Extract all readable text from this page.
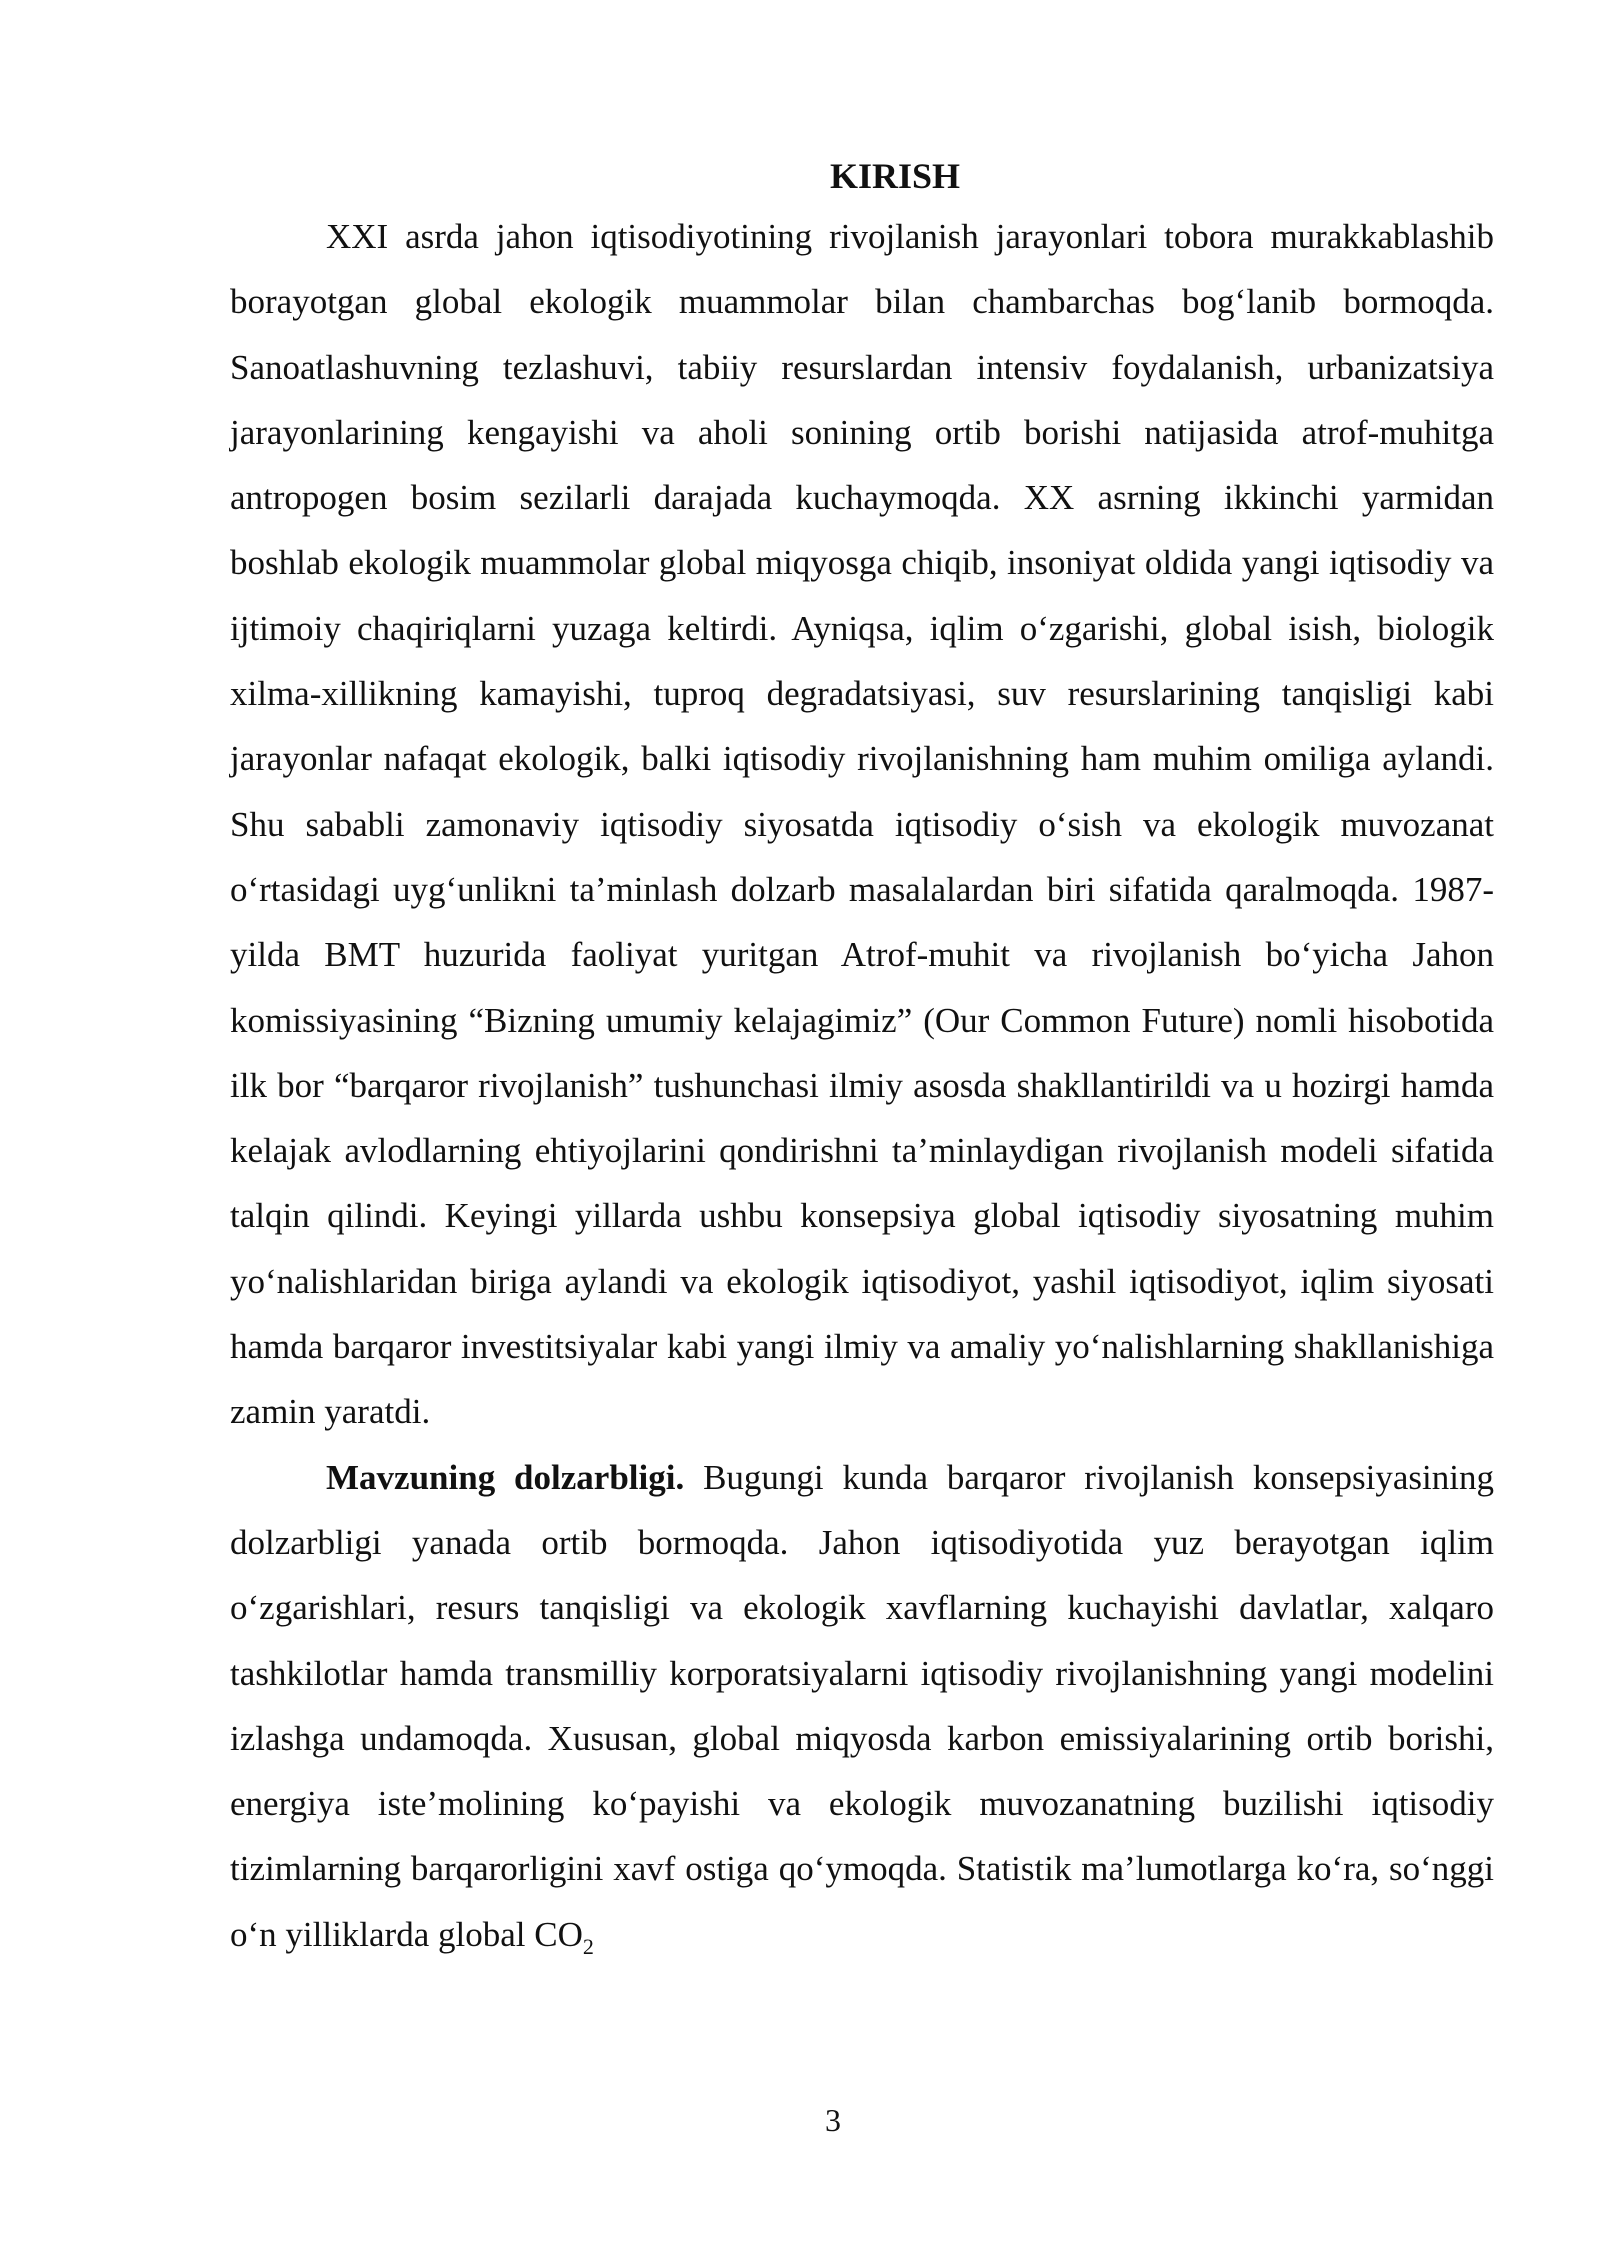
KIRISH

XXI asrda jahon iqtisodiyotining rivojlanish jarayonlari tobora murakkablashib borayotgan global ekologik muammolar bilan chambarchas bog‘lanib bormoqda. Sanoatlashuvning tezlashuvi, tabiiy resurslardan intensiv foydalanish, urbanizatsiya jarayonlarining kengayishi va aholi sonining ortib borishi natijasida atrof-muhitga antropogen bosim sezilarli darajada kuchaymoqda. XX asrning ikkinchi yarmidan boshlab ekologik muammolar global miqyosga chiqib, insoniyat oldida yangi iqtisodiy va ijtimoiy chaqiriqlarni yuzaga keltirdi. Ayniqsa, iqlim o‘zgarishi, global isish, biologik xilma-xillikning kamayishi, tuproq degradatsiyasi, suv resurslarining tanqisligi kabi jarayonlar nafaqat ekologik, balki iqtisodiy rivojlanishning ham muhim omiliga aylandi. Shu sababli zamonaviy iqtisodiy siyosatda iqtisodiy o‘sish va ekologik muvozanat o‘rtasidagi uyg‘unlikni ta’minlash dolzarb masalalardan biri sifatida qaralmoqda. 1987-yilda BMT huzurida faoliyat yuritgan Atrof-muhit va rivojlanish bo‘yicha Jahon komissiyasining “Bizning umumiy kelajagimiz” (Our Common Future) nomli hisobotida ilk bor “barqaror rivojlanish” tushunchasi ilmiy asosda shakllantirildi va u hozirgi hamda kelajak avlodlarning ehtiyojlarini qondirishni ta’minlaydigan rivojlanish modeli sifatida talqin qilindi. Keyingi yillarda ushbu konsepsiya global iqtisodiy siyosatning muhim yo‘nalishlaridan biriga aylandi va ekologik iqtisodiyot, yashil iqtisodiyot, iqlim siyosati hamda barqaror investitsiyalar kabi yangi ilmiy va amaliy yo‘nalishlarning shakllanishiga zamin yaratdi.

Mavzuning dolzarbligi. Bugungi kunda barqaror rivojlanish konsepsiyasining dolzarbligi yanada ortib bormoqda. Jahon iqtisodiyotida yuz berayotgan iqlim o‘zgarishlari, resurs tanqisligi va ekologik xavflarning kuchayishi davlatlar, xalqaro tashkilotlar hamda transmilliy korporatsiyalarni iqtisodiy rivojlanishning yangi modelini izlashga undamoqda. Xususan, global miqyosda karbon emissiyalarining ortib borishi, energiya iste’molining ko‘payishi va ekologik muvozanatning buzilishi iqtisodiy tizimlarning barqarorligini xavf ostiga qo‘ymoqda. Statistik ma’lumotlarga ko‘ra, so‘nggi o‘n yilliklarda global $CO_2$

3
